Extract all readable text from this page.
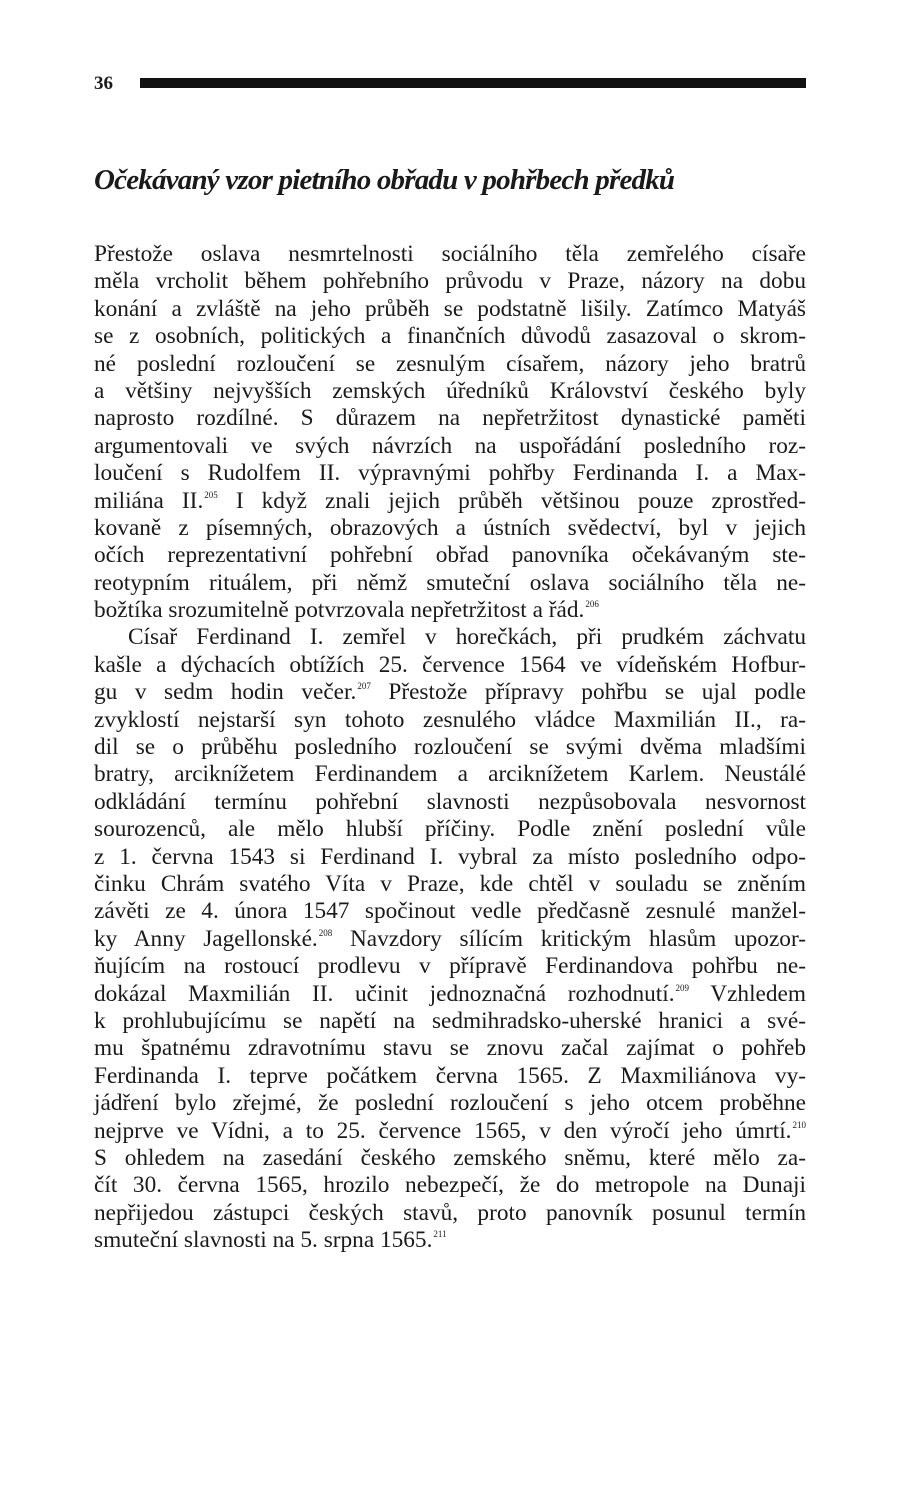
36
Očekávaný vzor pietního obřadu v pohřbech předků
Přestože oslava nesmrtelnosti sociálního těla zemřelého císaře
měla vrcholit během pohřebního průvodu v Praze, názory na dobu
konání a zvláště na jeho průběh se podstatně lišily. Zatímco Matyáš
se z osobních, politických a finančních důvodů zasazoval o skrom-
né poslední rozloučení se zesnulým císařem, názory jeho bratrů
a většiny nejvyšších zemských úředníků Království českého byly
naprosto rozdílné. S důrazem na nepřetržitost dynastické paměti
argumentovali ve svých návrzích na uspořádání posledního roz-
loučení s Rudolfem II. výpravnými pohřby Ferdinanda I. a Max-
miliána II.$^{205}$ I když znali jejich průběh většinou pouze zprostřed-
kovaně z písemných, obrazových a ústních svědectví, byl v jejich
očích reprezentativní pohřební obřad panovníka očekávaným ste-
reotypním rituálem, při němž smuteční oslava sociálního těla ne-
božtíka srozumitelně potvrzovala nepřetržitost a řád.$^{206}$
Císař Ferdinand I. zemřel v horečkách, při prudkém záchvatu
kašle a dýchacích obtížích 25. července 1564 ve vídeňském Hofbur-
gu v sedm hodin večer.$^{207}$ Přestože přípravy pohřbu se ujal podle
zvyklostí nejstarší syn tohoto zesnulého vládce Maxmilián II., ra-
dil se o průběhu posledního rozloučení se svými dvěma mladšími
bratry, arciknížetem Ferdinandem a arciknížetem Karlem. Neustálé
odkládání termínu pohřební slavnosti nezpůsobovala nesvornost
sourozenců, ale mělo hlubší příčiny. Podle znění poslední vůle
z 1. června 1543 si Ferdinand I. vybral za místo posledního odpo-
činku Chrám svatého Víta v Praze, kde chtěl v souladu se zněním
závěti ze 4. února 1547 spočinout vedle předčasně zesnulé manžel-
ky Anny Jagellonské.$^{208}$ Navzdory sílícím kritickým hlasům upozor-
ňujícím na rostoucí prodlevu v přípravě Ferdinandova pohřbu ne-
dokázal Maxmilián II. učinit jednoznačná rozhodnutí.$^{209}$ Vzhledem
k prohlubujícímu se napětí na sedmihradsko-uherské hranici a své-
mu špatnému zdravotnímu stavu se znovu začal zajímat o pohřeb
Ferdinanda I. teprve počátkem června 1565. Z Maxmiliánova vy-
jádření bylo zřejmé, že poslední rozloučení s jeho otcem proběhne
nejprve ve Vídni, a to 25. července 1565, v den výročí jeho úmrtí.$^{210}$
S ohledem na zasedání českého zemského sněmu, které mělo za-
čít 30. června 1565, hrozilo nebezpečí, že do metropole na Dunaji
nepřijedou zástupci českých stavů, proto panovník posunul termín
smuteční slavnosti na 5. srpna 1565.$^{211}$
